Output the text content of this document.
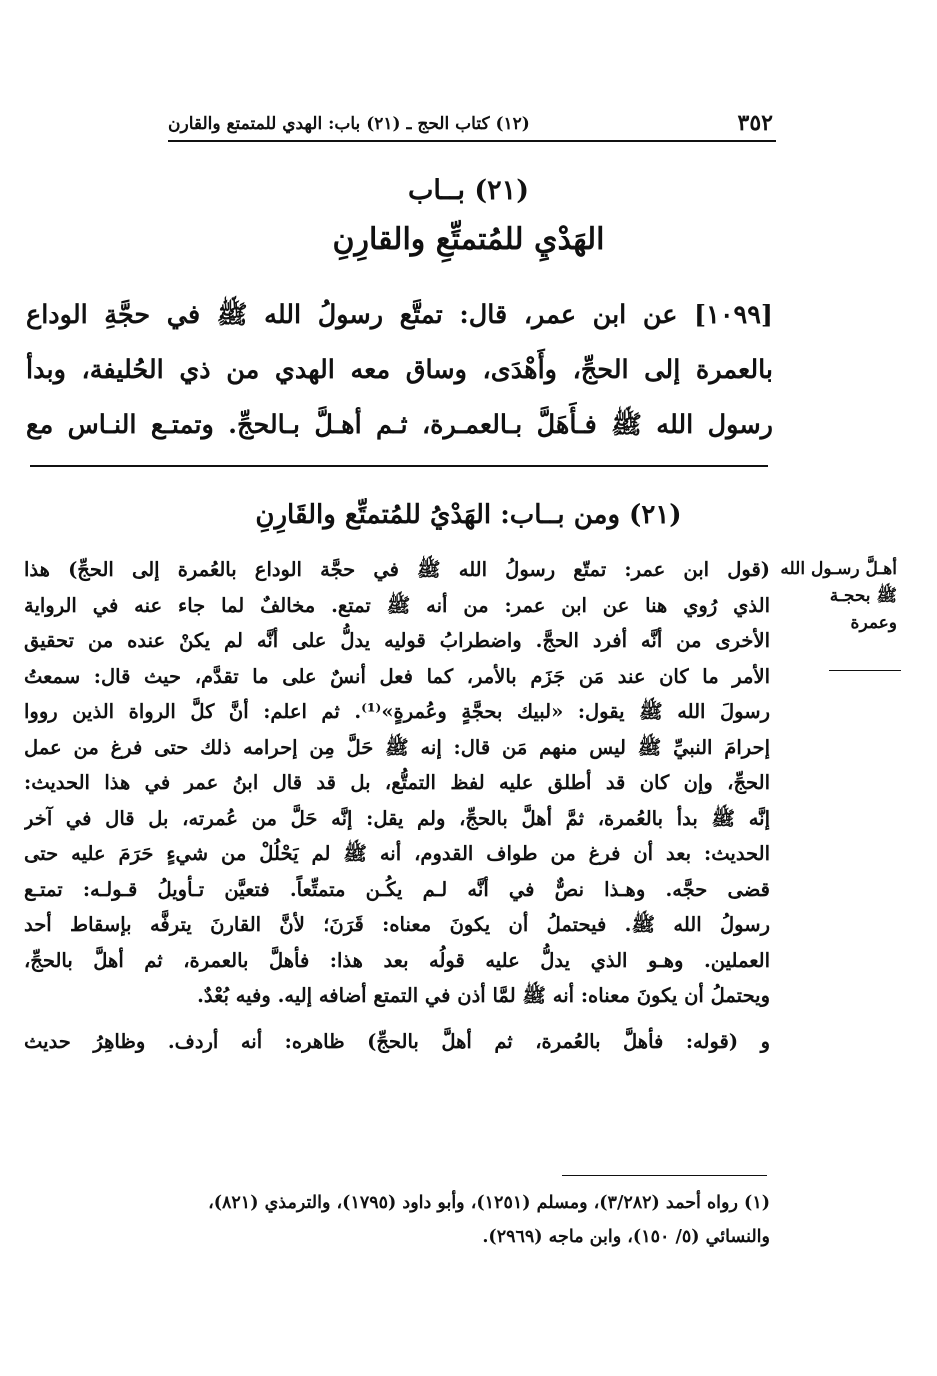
٣٥٢
(١٢) كتاب الحج ـ (٢١) باب: الهدي للمتمتع والقارن
(٢١) بــاب
الهَدْيِ للمُتمتِّعِ والقارِنِ

[١٠٩٩] عن ابن عمر، قال: تمتَّع رسولُ الله ﷺ في حجَّةِ الوداع

بالعمرة إلى الحجِّ، وأَهْدَى، وساق معه الهدي من ذي الحُليفة، وبدأ

رسول الله ﷺ فـأَهَلَّ بـالعمـرة، ثـم أهـلَّ بـالحجِّ. وتمتـع النـاس مع

(٢١) ومن بــاب: الهَدْيُ للمُتمتِّع والقَارِنِ
أهـلَّ رسـول الله
ﷺ بحجـة
وعمرة
(قول ابن عمر: تمتّع رسولُ الله ﷺ في حجَّة الوداع بالعُمرة إلى الحجِّ) هذا
الذي رُوي هنا عن ابن عمر: من أنه ﷺ تمتع. مخالفٌ لما جاء عنه في الرواية
الأخرى من أنَّه أفرد الحجَّ. واضطرابُ قوليه يدلُّ على أنَّه لم يكنْ عنده من تحقيق
الأمر ما كان عند مَن جَزَم بالأمر، كما فعل أنسٌ على ما تقدَّم، حيث قال: سمعتُ
رسولَ الله ﷺ يقول: «لبيك بحجَّةٍ وعُمرةٍ»⁽¹⁾. ثم اعلم: أنَّ كلَّ الرواة الذين رووا
إحرامَ النبيِّ ﷺ ليس منهم مَن قال: إنه ﷺ حَلَّ مِن إحرامه ذلك حتى فرغ من عمل
الحجِّ، وإن كان قد أطلق عليه لفظ التمتُّع، بل قد قال ابنُ عمر في هذا الحديث:
إنَّه ﷺ بدأ بالعُمرة، ثمَّ أهلَّ بالحجِّ، ولم يقل: إنَّه حَلَّ من عُمرته، بل قال في آخر
الحديث: بعد أن فرغ من طواف القدوم، أنه ﷺ لم يَحْلُلْ من شيءٍ حَرَمَ عليه حتى
قضى حجَّه. وهـذا نصٌّ في أنَّه لـم يكُـن متمتِّعاً. فتعيَّن تـأويلُ قـولـه: تمتـع
رسولُ الله ﷺ. فيحتملُ أن يكونَ معناه: قَرَنَ؛ لأنَّ القارنَ يترفَّه بإسقاط أحد
العملين. وهـو الذي يدلُّ عليه قولُه بعد هذا: فأهلَّ بالعمرة، ثم أهلَّ بالحجِّ،
ويحتملُ أن يكونَ معناه: أنه ﷺ لمَّا أذن في التمتع أضافه إليه. وفيه بُعْدٌ.
و (قوله: فأهلَّ بالعُمرة، ثم أهلَّ بالحجِّ) ظاهره: أنه أردف. وظاهِرُ حديث
(١) رواه أحمد (٣/٢٨٢)، ومسلم (١٢٥١)، وأبو داود (١٧٩٥)، والترمذي (٨٢١)،
والنسائي (٥/ ١٥٠)، وابن ماجه (٢٩٦٩).
